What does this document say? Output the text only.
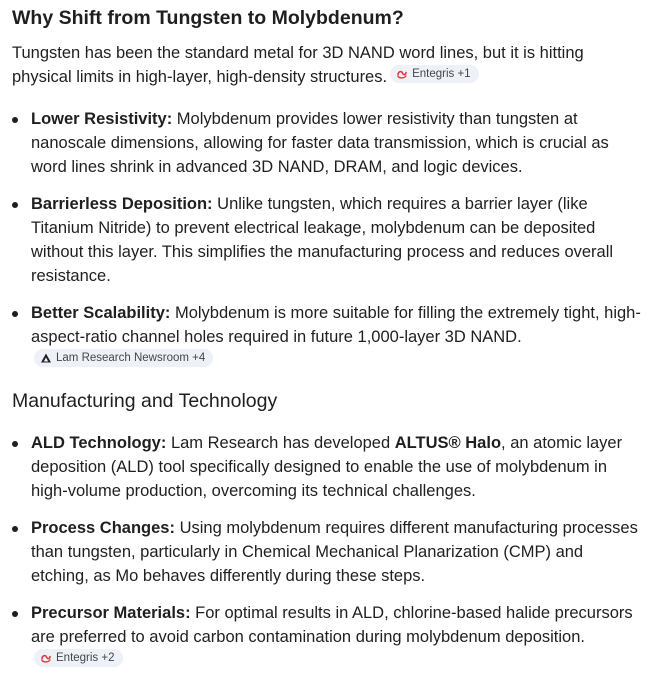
Why Shift from Tungsten to Molybdenum?

Tungsten has been the standard metal for 3D NAND word lines, but it is hitting physical limits in high-layer, high-density structures. Entegris +1

Lower Resistivity: Molybdenum provides lower resistivity than tungsten at nanoscale dimensions, allowing for faster data transmission, which is crucial as word lines shrink in advanced 3D NAND, DRAM, and logic devices.
Barrierless Deposition: Unlike tungsten, which requires a barrier layer (like Titanium Nitride) to prevent electrical leakage, molybdenum can be deposited without this layer. This simplifies the manufacturing process and reduces overall resistance.
Better Scalability: Molybdenum is more suitable for filling the extremely tight, high-aspect-ratio channel holes required in future 1,000-layer 3D NAND.
Lam Research Newsroom +4
Manufacturing and Technology
ALD Technology: Lam Research has developed ALTUS® Halo, an atomic layer deposition (ALD) tool specifically designed to enable the use of molybdenum in high-volume production, overcoming its technical challenges.
Process Changes: Using molybdenum requires different manufacturing processes than tungsten, particularly in Chemical Mechanical Planarization (CMP) and etching, as Mo behaves differently during these steps.
Precursor Materials: For optimal results in ALD, chlorine-based halide precursors are preferred to avoid carbon contamination during molybdenum deposition.
Entegris +2
